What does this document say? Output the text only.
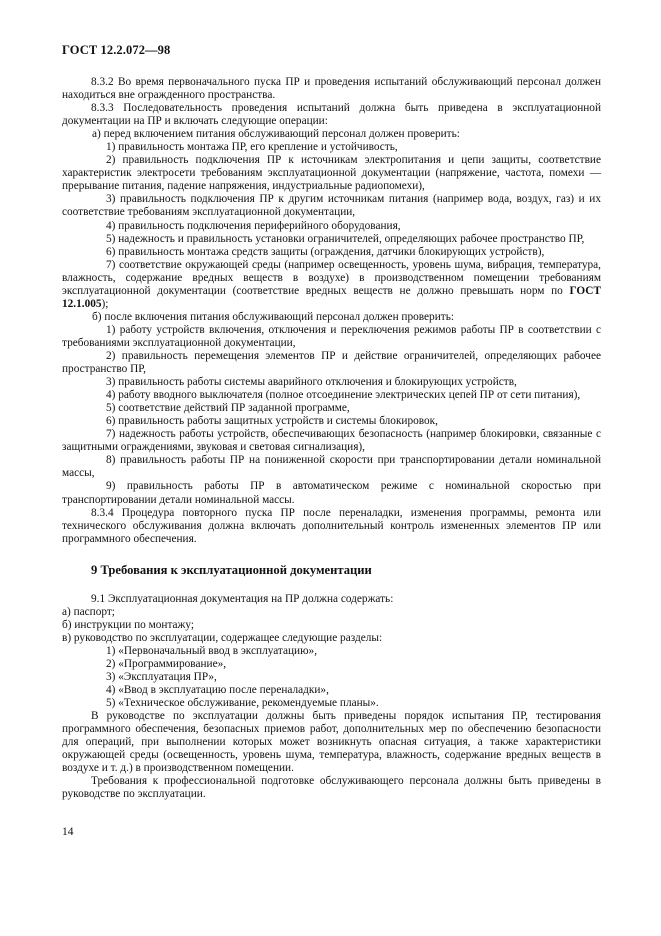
ГОСТ 12.2.072—98

8.3.2 Во время первоначального пуска ПР и проведения испытаний обслуживающий персонал должен находиться вне огражденного пространства.

8.3.3 Последовательность проведения испытаний должна быть приведена в эксплуатационной документации на ПР и включать следующие операции:

а) перед включением питания обслуживающий персонал должен проверить:

1) правильность монтажа ПР, его крепление и устойчивость,

2) правильность подключения ПР к источникам электропитания и цепи защиты, соответствие характеристик электросети требованиям эксплуатационной документации (напряжение, частота, помехи — прерывание питания, падение напряжения, индустриальные радиопомехи),

3) правильность подключения ПР к другим источникам питания (например вода, воздух, газ) и их соответствие требованиям эксплуатационной документации,

4) правильность подключения периферийного оборудования,

5) надежность и правильность установки ограничителей, определяющих рабочее пространство ПР,

6) правильность монтажа средств защиты (ограждения, датчики блокирующих устройств),

7) соответствие окружающей среды (например освещенность, уровень шума, вибрация, температура, влажность, содержание вредных веществ в воздухе) в производственном помещении требованиям эксплуатационной документации (соответствие вредных веществ не должно превышать норм по ГОСТ 12.1.005);

б) после включения питания обслуживающий персонал должен проверить:

1) работу устройств включения, отключения и переключения режимов работы ПР в соответствии с требованиями эксплуатационной документации,

2) правильность перемещения элементов ПР и действие ограничителей, определяющих рабочее пространство ПР,

3) правильность работы системы аварийного отключения и блокирующих устройств,

4) работу вводного выключателя (полное отсоединение электрических цепей ПР от сети питания),

5) соответствие действий ПР заданной программе,

6) правильность работы защитных устройств и системы блокировок,

7) надежность работы устройств, обеспечивающих безопасность (например блокировки, связанные с защитными ограждениями, звуковая и световая сигнализация),

8) правильность работы ПР на пониженной скорости при транспортировании детали номинальной массы,

9) правильность работы ПР в автоматическом режиме с номинальной скоростью при транспортировании детали номинальной массы.

8.3.4 Процедура повторного пуска ПР после переналадки, изменения программы, ремонта или технического обслуживания должна включать дополнительный контроль измененных элементов ПР или программного обеспечения.

9 Требования к эксплуатационной документации

9.1 Эксплуатационная документация на ПР должна содержать:

а) паспорт;

б) инструкции по монтажу;

в) руководство по эксплуатации, содержащее следующие разделы:

1) «Первоначальный ввод в эксплуатацию»,

2) «Программирование»,

3) «Эксплуатация ПР»,

4) «Ввод в эксплуатацию после переналадки»,

5) «Техническое обслуживание, рекомендуемые планы».

В руководстве по эксплуатации должны быть приведены порядок испытания ПР, тестирования программного обеспечения, безопасных приемов работ, дополнительных мер по обеспечению безопасности для операций, при выполнении которых может возникнуть опасная ситуация, а также характеристики окружающей среды (освещенность, уровень шума, температура, влажность, содержание вредных веществ в воздухе и т. д.) в производственном помещении.

Требования к профессиональной подготовке обслуживающего персонала должны быть приведены в руководстве по эксплуатации.

14
